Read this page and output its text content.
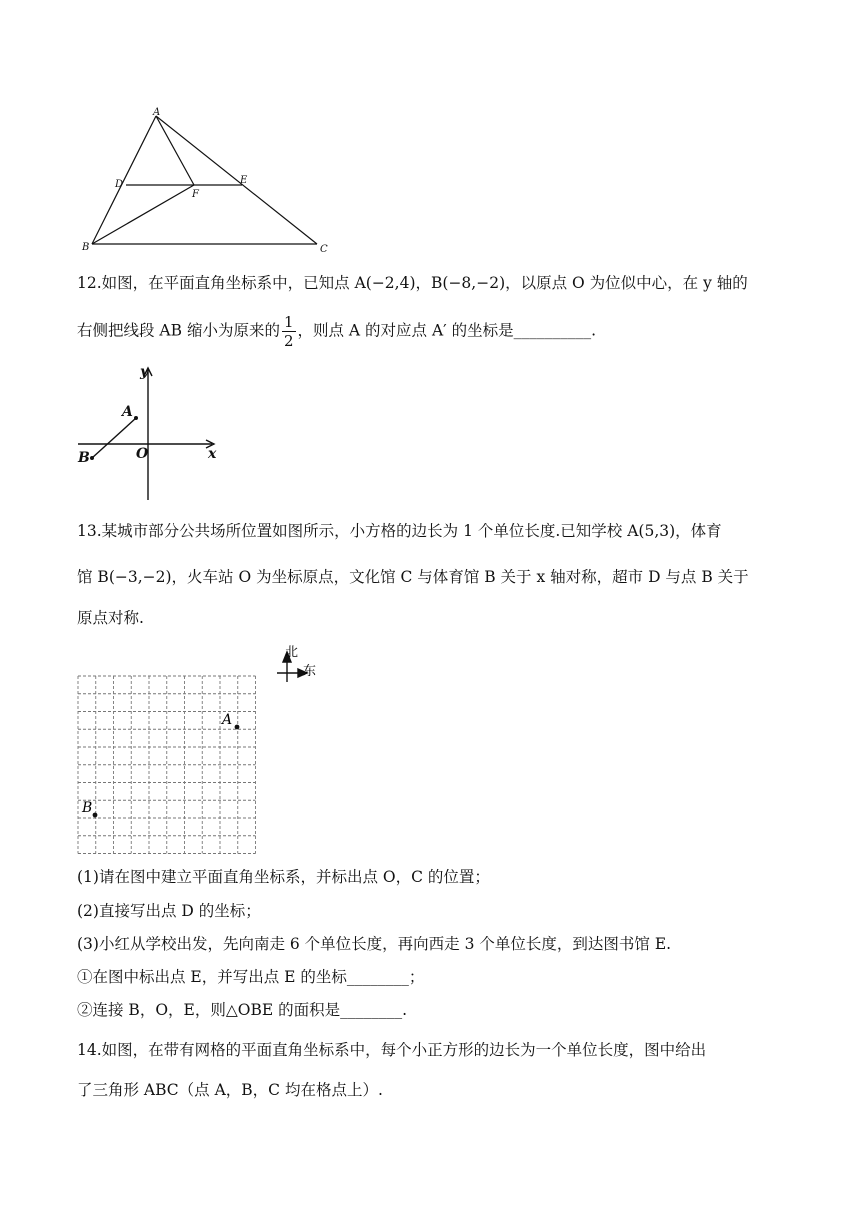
A
D	E
F
B	C
12.如图，在平面直角坐标系中，已知点 A(−2,4)，B(−8,−2)，以原点 O 为位似中心，在 y 轴的
右侧把线段 AB 缩小为原来的 $\frac{1}{2}$ ，则点 A 的对应点 A′ 的坐标是__________.
y
x
A
B	O
13.某城市部分公共场所位置如图所示，小方格的边长为 1 个单位长度.已知学校 A(5,3)，体育
馆 B(−3,−2)，火车站 O 为坐标原点，文化馆 C 与体育馆 B 关于 x 轴对称，超市 D 与点 B 关于
原点对称.
北
东
A
B
(1)请在图中建立平面直角坐标系，并标出点 O，C 的位置；
(2)直接写出点 D 的坐标；
(3)小红从学校出发，先向南走 6 个单位长度，再向西走 3 个单位长度，到达图书馆 E.
①在图中标出点 E，并写出点 E 的坐标________；
②连接 B，O，E，则△OBE 的面积是________.
14.如图，在带有网格的平面直角坐标系中，每个小正方形的边长为一个单位长度，图中给出
了三角形 ABC（点 A，B，C 均在格点上）.
